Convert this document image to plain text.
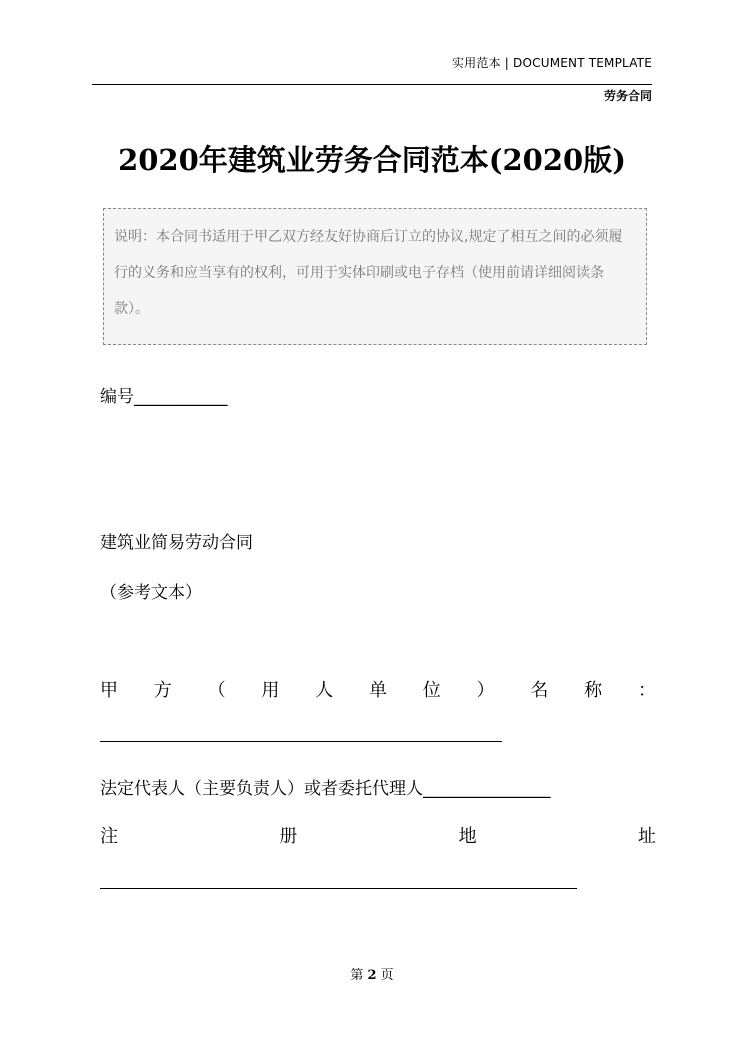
实用范本 | DOCUMENT TEMPLATE
劳务合同
2020年建筑业劳务合同范本(2020版)
说明：本合同书适用于甲乙双方经友好协商后订立的协议,规定了相互之间的必须履行的义务和应当享有的权利，可用于实体印刷或电子存档（使用前请详细阅读条款）。
编号___________
建筑业简易劳动合同
（参考文本）
甲 方 （ 用 人 单 位 ） 名 称 ：
法定代表人（主要负责人）或者委托代理人_______________
注	册	地	址
第 2 页
